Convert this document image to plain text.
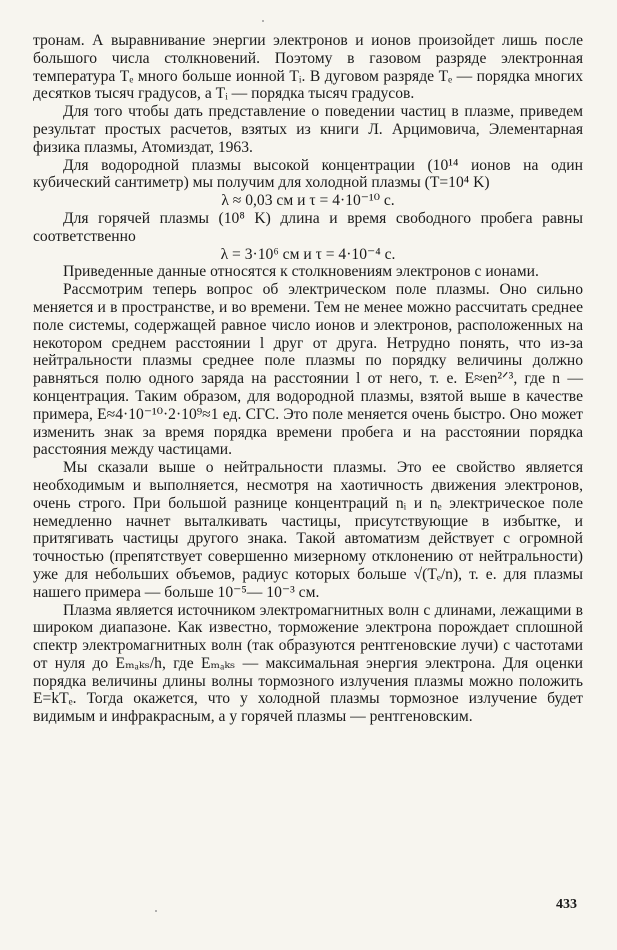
тронам. А выравнивание энергии электронов и ионов произойдет лишь после большого числа столкновений. Поэтому в газовом разряде электронная температура Tₑ много больше ионной Tᵢ. В дуговом разряде Tₑ — порядка многих десятков тысяч градусов, а Tᵢ — порядка тысяч градусов.

Для того чтобы дать представление о поведении частиц в плазме, приведем результат простых расчетов, взятых из книги Л. Арцимовича, Элементарная физика плазмы, Атомиздат, 1963.

Для водородной плазмы высокой концентрации (10¹⁴ ионов на один кубический сантиметр) мы получим для холодной плазмы (T=10⁴ K)

λ ≈ 0,03 см и τ = 4·10⁻¹⁰ с.

Для горячей плазмы (10⁸ K) длина и время свободного пробега равны соответственно

λ = 3·10⁶ см и τ = 4·10⁻⁴ с.

Приведенные данные относятся к столкновениям электронов с ионами.

Рассмотрим теперь вопрос об электрическом поле плазмы. Оно сильно меняется и в пространстве, и во времени. Тем не менее можно рассчитать среднее поле системы, содержащей равное число ионов и электронов, расположенных на некотором среднем расстоянии l друг от друга. Нетрудно понять, что из-за нейтральности плазмы среднее поле плазмы по порядку величины должно равняться полю одного заряда на расстоянии l от него, т. е. E≈en²ᐟ³, где n — концентрация. Таким образом, для водородной плазмы, взятой выше в качестве примера, E≈4·10⁻¹⁰·2·10⁹≈1 ед. СГС. Это поле меняется очень быстро. Оно может изменить знак за время порядка времени пробега и на расстоянии порядка расстояния между частицами.

Мы сказали выше о нейтральности плазмы. Это ее свойство является необходимым и выполняется, несмотря на хаотичность движения электронов, очень строго. При большой разнице концентраций nᵢ и nₑ электрическое поле немедленно начнет выталкивать частицы, присутствующие в избытке, и притягивать частицы другого знака. Такой автоматизм действует с огромной точностью (препятствует совершенно мизерному отклонению от нейтральности) уже для небольших объемов, радиус которых больше √(Tₑ/n), т. е. для плазмы нашего примера — больше 10⁻⁵— 10⁻³ см.

Плазма является источником электромагнитных волн с длинами, лежащими в широком диапазоне. Как известно, торможение электрона порождает сплошной спектр электромагнитных волн (так образуются рентгеновские лучи) с частотами от нуля до Eₘₐₖₛ/h, где Eₘₐₖₛ — максимальная энергия электрона. Для оценки порядка величины длины волны тормозного излучения плазмы можно положить E=kTₑ. Тогда окажется, что у холодной плазмы тормозное излучение будет видимым и инфракрасным, а у горячей плазмы — рентгеновским.

433
